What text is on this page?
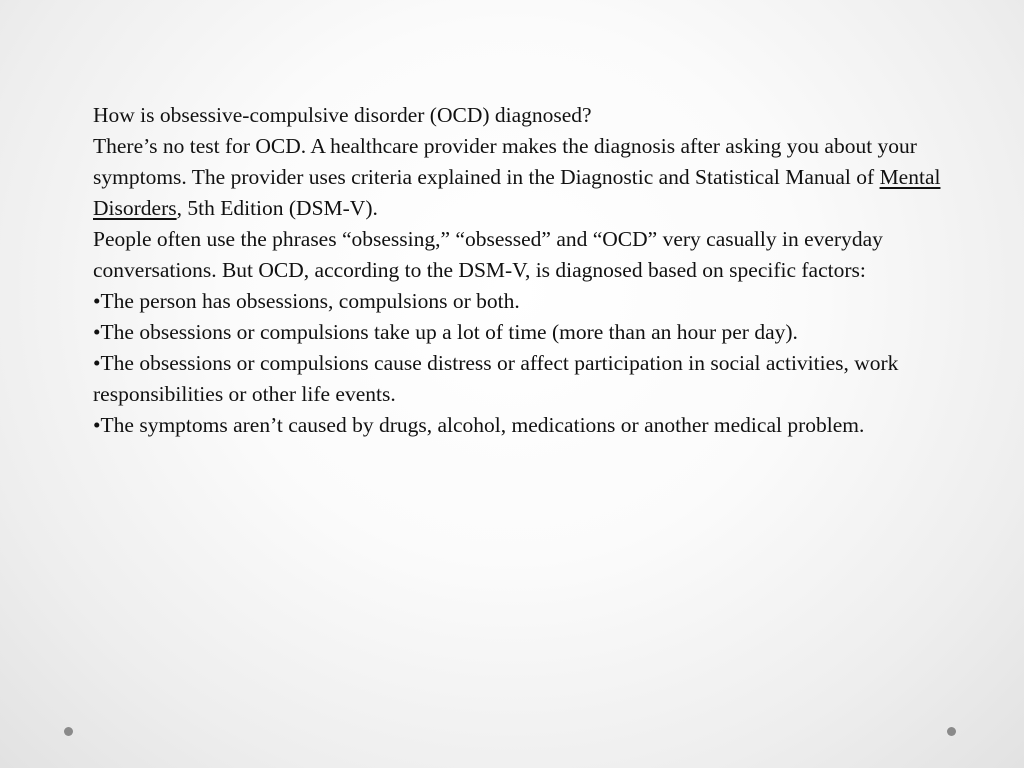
How is obsessive-compulsive disorder (OCD) diagnosed?

There’s no test for OCD. A healthcare provider makes the diagnosis after asking you about your symptoms. The provider uses criteria explained in the Diagnostic and Statistical Manual of Mental Disorders, 5th Edition (DSM-V).

People often use the phrases “obsessing,” “obsessed” and “OCD” very casually in everyday conversations. But OCD, according to the DSM-V, is diagnosed based on specific factors:

•The person has obsessions, compulsions or both.

•The obsessions or compulsions take up a lot of time (more than an hour per day).

•The obsessions or compulsions cause distress or affect participation in social activities, work responsibilities or other life events.

•The symptoms aren’t caused by drugs, alcohol, medications or another medical problem.
